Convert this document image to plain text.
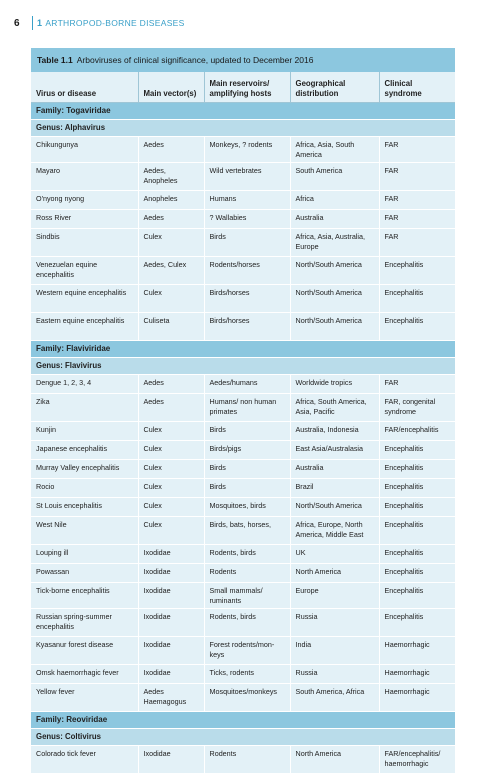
6	1 ARTHROPOD-BORNE DISEASES
Table 1.1 Arboviruses of clinical significance, updated to December 2016
Virus or disease	Main vector(s)	Main reservoirs/ amplifying hosts	Geographical distribution	Clinical syndrome
Family: Togaviridae				
Genus: Alphavirus				
Chikungunya	Aedes	Monkeys, ? rodents	Africa, Asia, South America	FAR
Mayaro	Aedes, Anopheles	Wild vertebrates	South America	FAR
O'nyong nyong	Anopheles	Humans	Africa	FAR
Ross River	Aedes	? Wallabies	Australia	FAR
Sindbis	Culex	Birds	Africa, Asia, Australia, Europe	FAR
Venezuelan equine encephalitis	Aedes, Culex	Rodents/horses	North/South America	Encephalitis
Western equine encephalitis	Culex	Birds/horses	North/South America	Encephalitis
Eastern equine encephalitis	Culiseta	Birds/horses	North/South America	Encephalitis
Family: Flaviviridae				
Genus: Flavivirus				
Dengue 1, 2, 3, 4	Aedes	Aedes/humans	Worldwide tropics	FAR
Zika	Aedes	Humans/ non human primates	Africa, South America, Asia, Pacific	FAR, congenital syndrome
Kunjin	Culex	Birds	Australia, Indonesia	FAR/encephalitis
Japanese encephalitis	Culex	Birds/pigs	East Asia/Australasia	Encephalitis
Murray Valley encephalitis	Culex	Birds	Australia	Encephalitis
Rocio	Culex	Birds	Brazil	Encephalitis
St Louis encephalitis	Culex	Mosquitoes, birds	North/South America	Encephalitis
West Nile	Culex	Birds, bats, horses,	Africa, Europe, North America, Middle East	Encephalitis
Louping ill	Ixodidae	Rodents, birds	UK	Encephalitis
Powassan	Ixodidae	Rodents	North America	Encephalitis
Tick-borne encephalitis	Ixodidae	Small mammals/ ruminants	Europe	Encephalitis
Russian spring-summer encephalitis	Ixodidae	Rodents, birds	Russia	Encephalitis
Kyasanur forest disease	Ixodidae	Forest rodents/mon-keys	India	Haemorrhagic
Omsk haemorrhagic fever	Ixodidae	Ticks, rodents	Russia	Haemorrhagic
Yellow fever	Aedes Haemagogus	Mosquitoes/monkeys	South America, Africa	Haemorrhagic
Family: Reoviridae				
Genus: Coltivirus				
Colorado tick fever	Ixodidae	Rodents	North America	FAR/encephalitis/ haemorrhagic
